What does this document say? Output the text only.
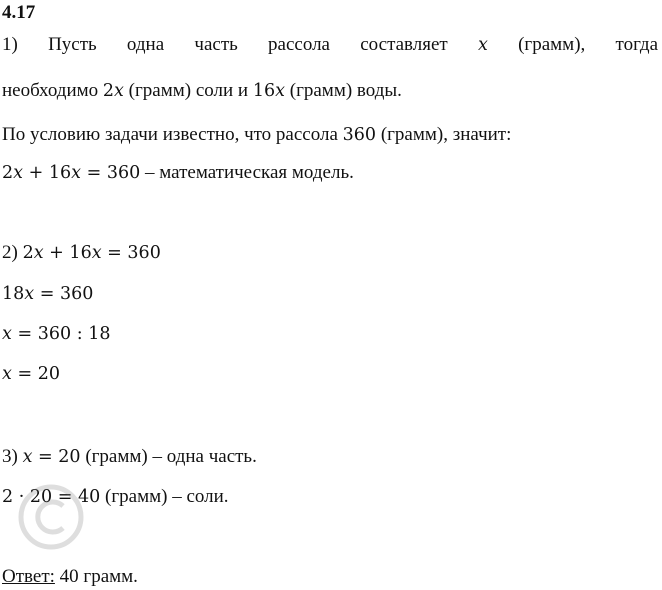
4.17
1) Пусть одна часть рассола составляет x (грамм), тогда
необходимо 2x (грамм) соли и 16x (грамм) воды.
По условию задачи известно, что рассола 360 (грамм), значит:
2x + 16x = 360 – математическая модель.
2) 2x + 16x = 360
18x = 360
x = 360 : 18
x = 20
3) x = 20 (грамм) – одна часть.
2 · 20 = 40 (грамм) – соли.
Ответ: 40 грамм.
